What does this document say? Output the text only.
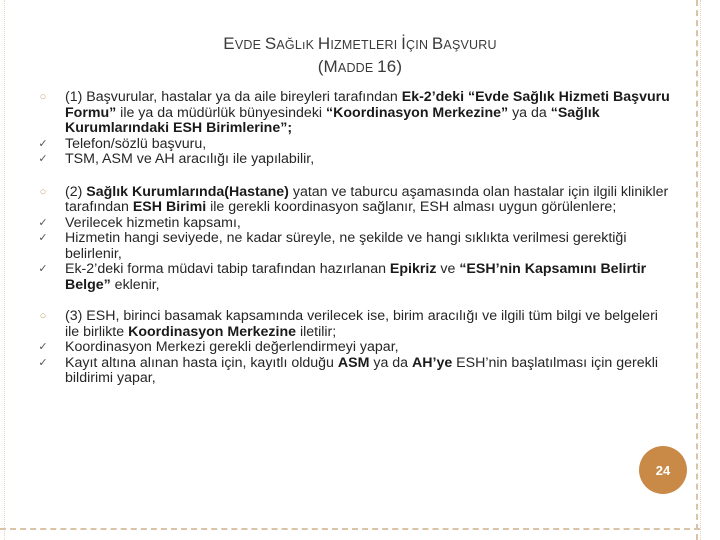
EVDE SAĞLıK HIZMETLERI İÇIN BAŞVURU
(MADDE 16)
○ (1) Başvurular, hastalar ya da aile bireyleri tarafından Ek-2’deki “Evde Sağlık Hizmeti Başvuru Formu” ile ya da müdürlük bünyesindeki “Koordinasyon Merkezine” ya da “Sağlık Kurumlarındaki ESH Birimlerine”;
✓ Telefon/sözlü başvuru,
✓ TSM, ASM ve AH aracılığı ile yapılabilir,
○ (2) Sağlık Kurumlarında(Hastane) yatan ve taburcu aşamasında olan hastalar için ilgili klinikler tarafından ESH Birimi ile gerekli koordinasyon sağlanır, ESH alması uygun görülenlere;
✓ Verilecek hizmetin kapsamı,
✓ Hizmetin hangi seviyede, ne kadar süreyle, ne şekilde ve hangi sıklıkta verilmesi gerektiği belirlenir,
✓ Ek-2’deki forma müdavi tabip tarafından hazırlanan Epikriz ve “ESH’nin Kapsamını Belirtir Belge” eklenir,
○ (3) ESH, birinci basamak kapsamında verilecek ise, birim aracılığı ve ilgili tüm bilgi ve belgeleri ile birlikte Koordinasyon Merkezine iletilir;
✓ Koordinasyon Merkezi gerekli değerlendirmeyi yapar,
✓ Kayıt altına alınan hasta için, kayıtlı olduğu ASM ya da AH’ye ESH’nin başlatılması için gerekli bildirimi yapar,
24
